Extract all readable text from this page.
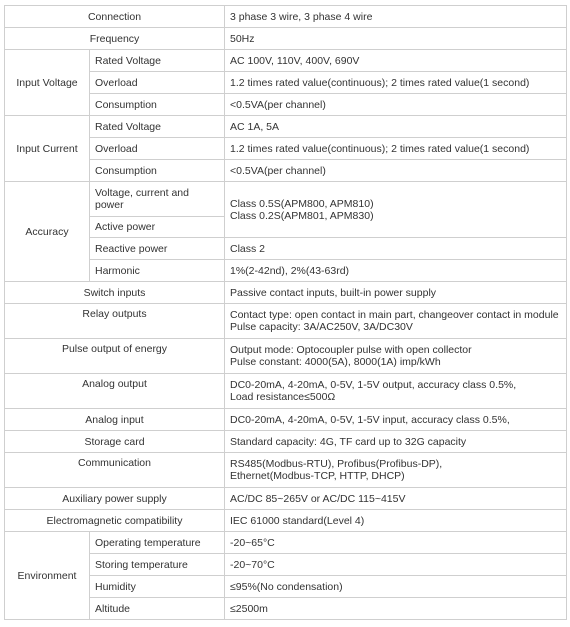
Connection		3 phase 3 wire, 3 phase 4 wire
Frequency		50Hz
Input Voltage	Rated Voltage	AC 100V, 110V, 400V, 690V
	Overload	1.2 times rated value(continuous); 2 times rated value(1 second)
	Consumption	<0.5VA(per channel)
Input Current	Rated Voltage	AC 1A, 5A
	Overload	1.2 times rated value(continuous); 2 times rated value(1 second)
	Consumption	<0.5VA(per channel)
Accuracy	Voltage, current and power	Class 0.5S(APM800, APM810)
Class 0.2S(APM801, APM830)

	Active power	
	Reactive power	Class 2
	Harmonic	1%(2-42nd), 2%(43-63rd)
Switch inputs		Passive contact inputs, built-in power supply
Relay outputs		Contact type: open contact in main part, changeover contact in module
Pulse capacity: 3A/AC250V, 3A/DC30V

Pulse output of energy		Output mode: Optocoupler pulse with open collector
Pulse constant: 4000(5A), 8000(1A) imp/kWh

Analog output		DC0-20mA, 4-20mA, 0-5V, 1-5V output, accuracy class 0.5%,
Load resistance≤500Ω

Analog input		DC0-20mA, 4-20mA, 0-5V, 1-5V input, accuracy class 0.5%,
Storage card		Standard capacity: 4G, TF card up to 32G capacity
Communication		RS485(Modbus-RTU), Profibus(Profibus-DP),
Ethernet(Modbus-TCP, HTTP, DHCP)

Auxiliary power supply		AC/DC 85~265V or AC/DC 115~415V
Electromagnetic compatibility		IEC 61000 standard(Level 4)
Environment	Operating temperature	-20~65°C
	Storing temperature	-20~70°C
	Humidity	≤95%(No condensation)
	Altitude	≤2500m
